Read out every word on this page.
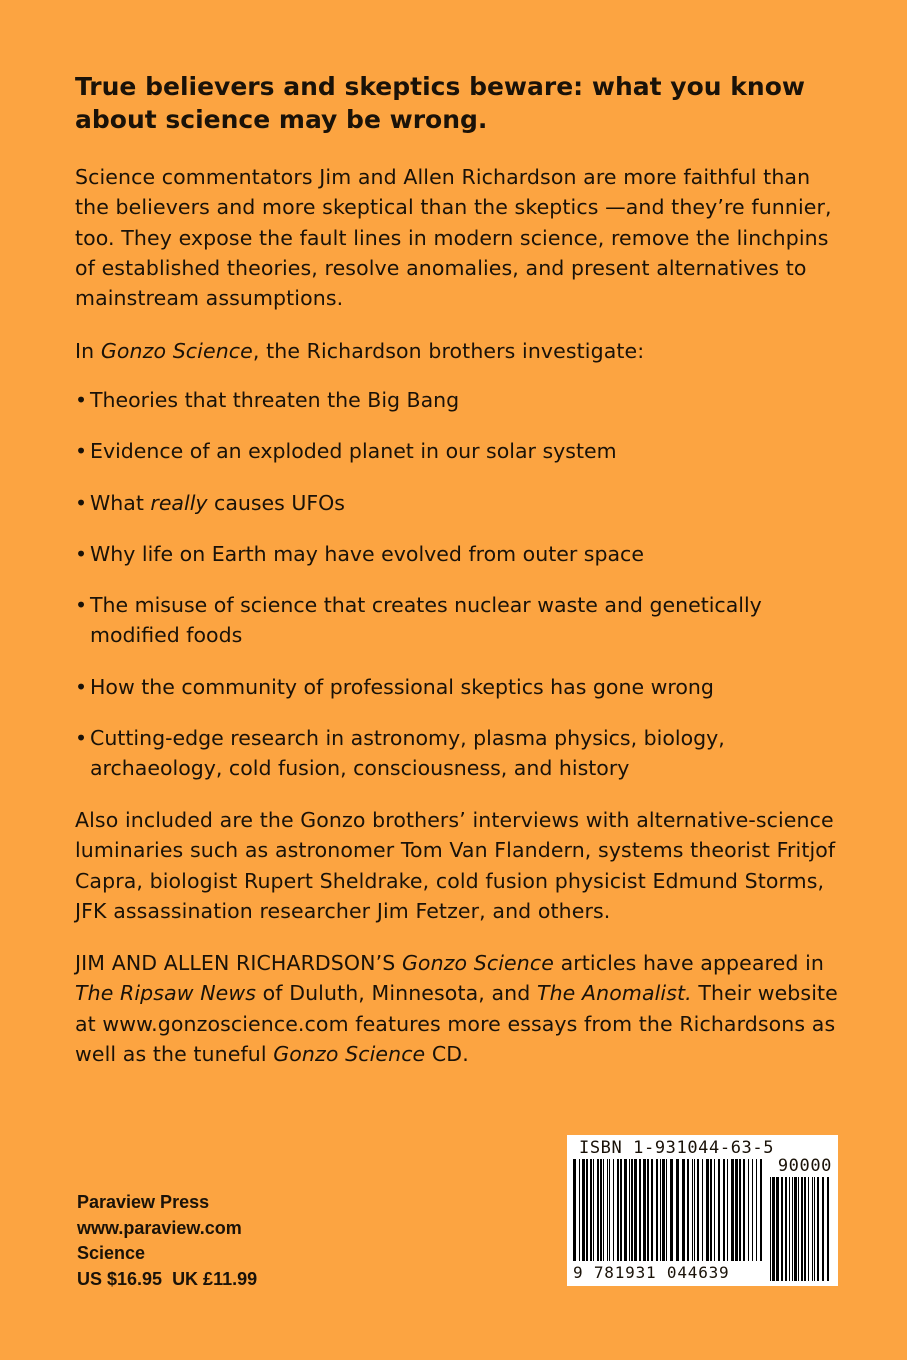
True believers and skeptics beware: what you know about science may be wrong.
Science commentators Jim and Allen Richardson are more faithful than the believers and more skeptical than the skeptics —and they’re funnier, too. They expose the fault lines in modern science, remove the linchpins of established theories, resolve anomalies, and present alternatives to mainstream assumptions.
In Gonzo Science, the Richardson brothers investigate:
• Theories that threaten the Big Bang
• Evidence of an exploded planet in our solar system
• What really causes UFOs
• Why life on Earth may have evolved from outer space
• The misuse of science that creates nuclear waste and genetically modified foods
• How the community of professional skeptics has gone wrong
• Cutting-edge research in astronomy, plasma physics, biology, archaeology, cold fusion, consciousness, and history
Also included are the Gonzo brothers’ interviews with alternative-science luminaries such as astronomer Tom Van Flandern, systems theorist Fritjof Capra, biologist Rupert Sheldrake, cold fusion physicist Edmund Storms, JFK assassination researcher Jim Fetzer, and others.
JIM AND ALLEN RICHARDSON’S Gonzo Science articles have appeared in The Ripsaw News of Duluth, Minnesota, and The Anomalist. Their website at www.gonzoscience.com features more essays from the Richardsons as well as the tuneful Gonzo Science CD.
Paraview Press
www.paraview.com
Science
US $16.95  UK £11.99
ISBN 1-931044-63-5
90000
9 781931 044639
